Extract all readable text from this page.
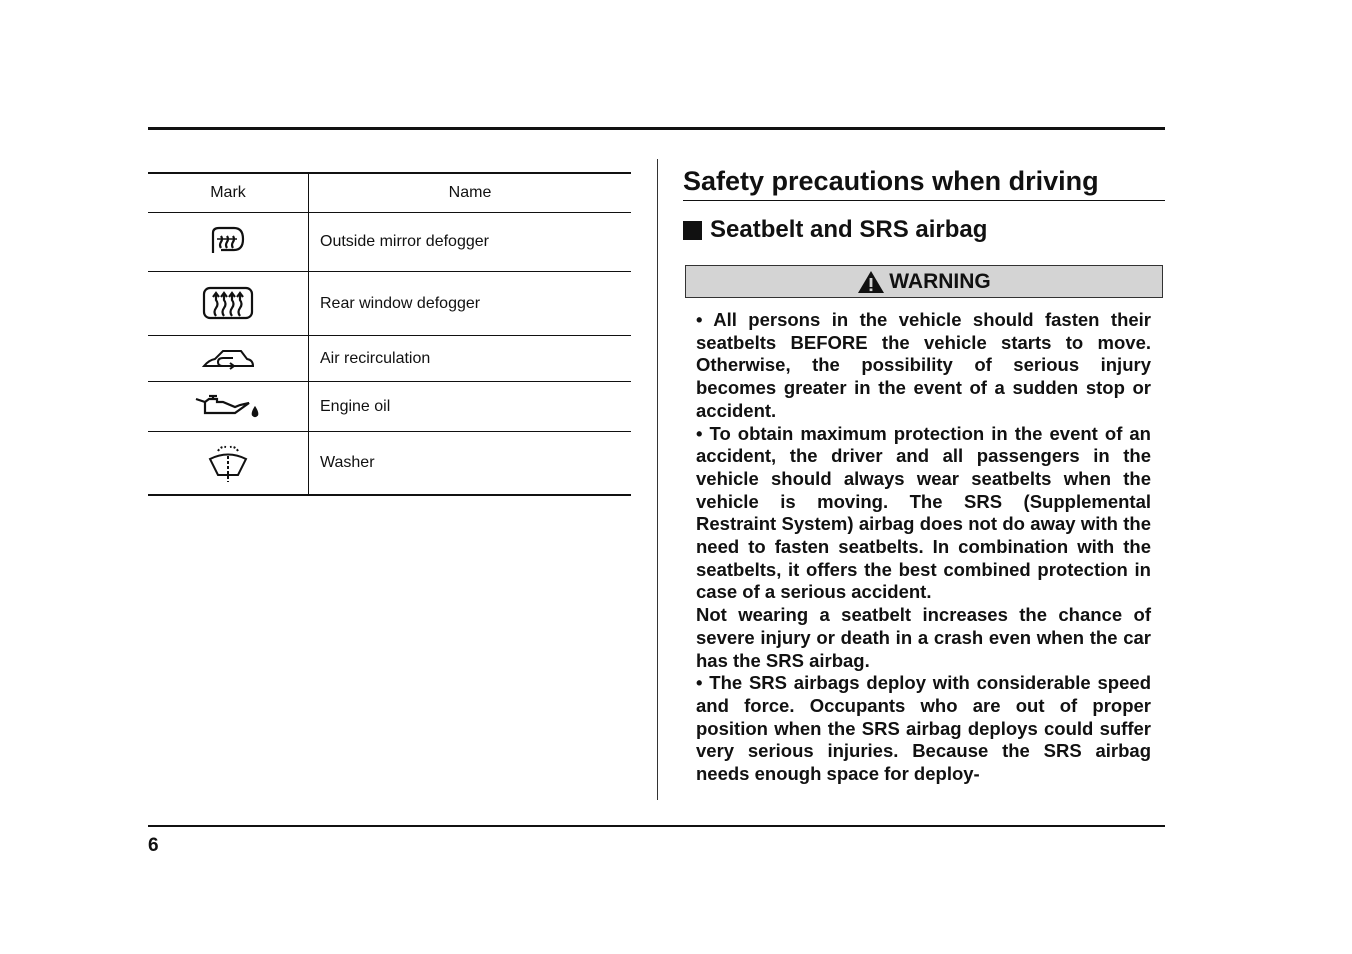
Mark	Name

	Outside mirror defogger

	Rear window defogger

	Air recirculation

	Engine oil

	Washer
Safety precautions when driving
Seatbelt and SRS airbag
WARNING

• All persons in the vehicle should fasten their seatbelts BEFORE the vehicle starts to move. Otherwise, the possibility of serious injury becomes greater in the event of a sudden stop or accident.

• To obtain maximum protection in the event of an accident, the driver and all passengers in the vehicle should always wear seatbelts when the vehicle is moving. The SRS (Supplemental Restraint System) airbag does not do away with the need to fasten seatbelts. In combination with the seatbelts, it offers the best combined protection in case of a serious accident.

Not wearing a seatbelt increases the chance of severe injury or death in a crash even when the car has the SRS airbag.

• The SRS airbags deploy with considerable speed and force. Occupants who are out of proper position when the SRS airbag deploys could suffer very serious injuries. Because the SRS airbag needs enough space for deploy-

6
